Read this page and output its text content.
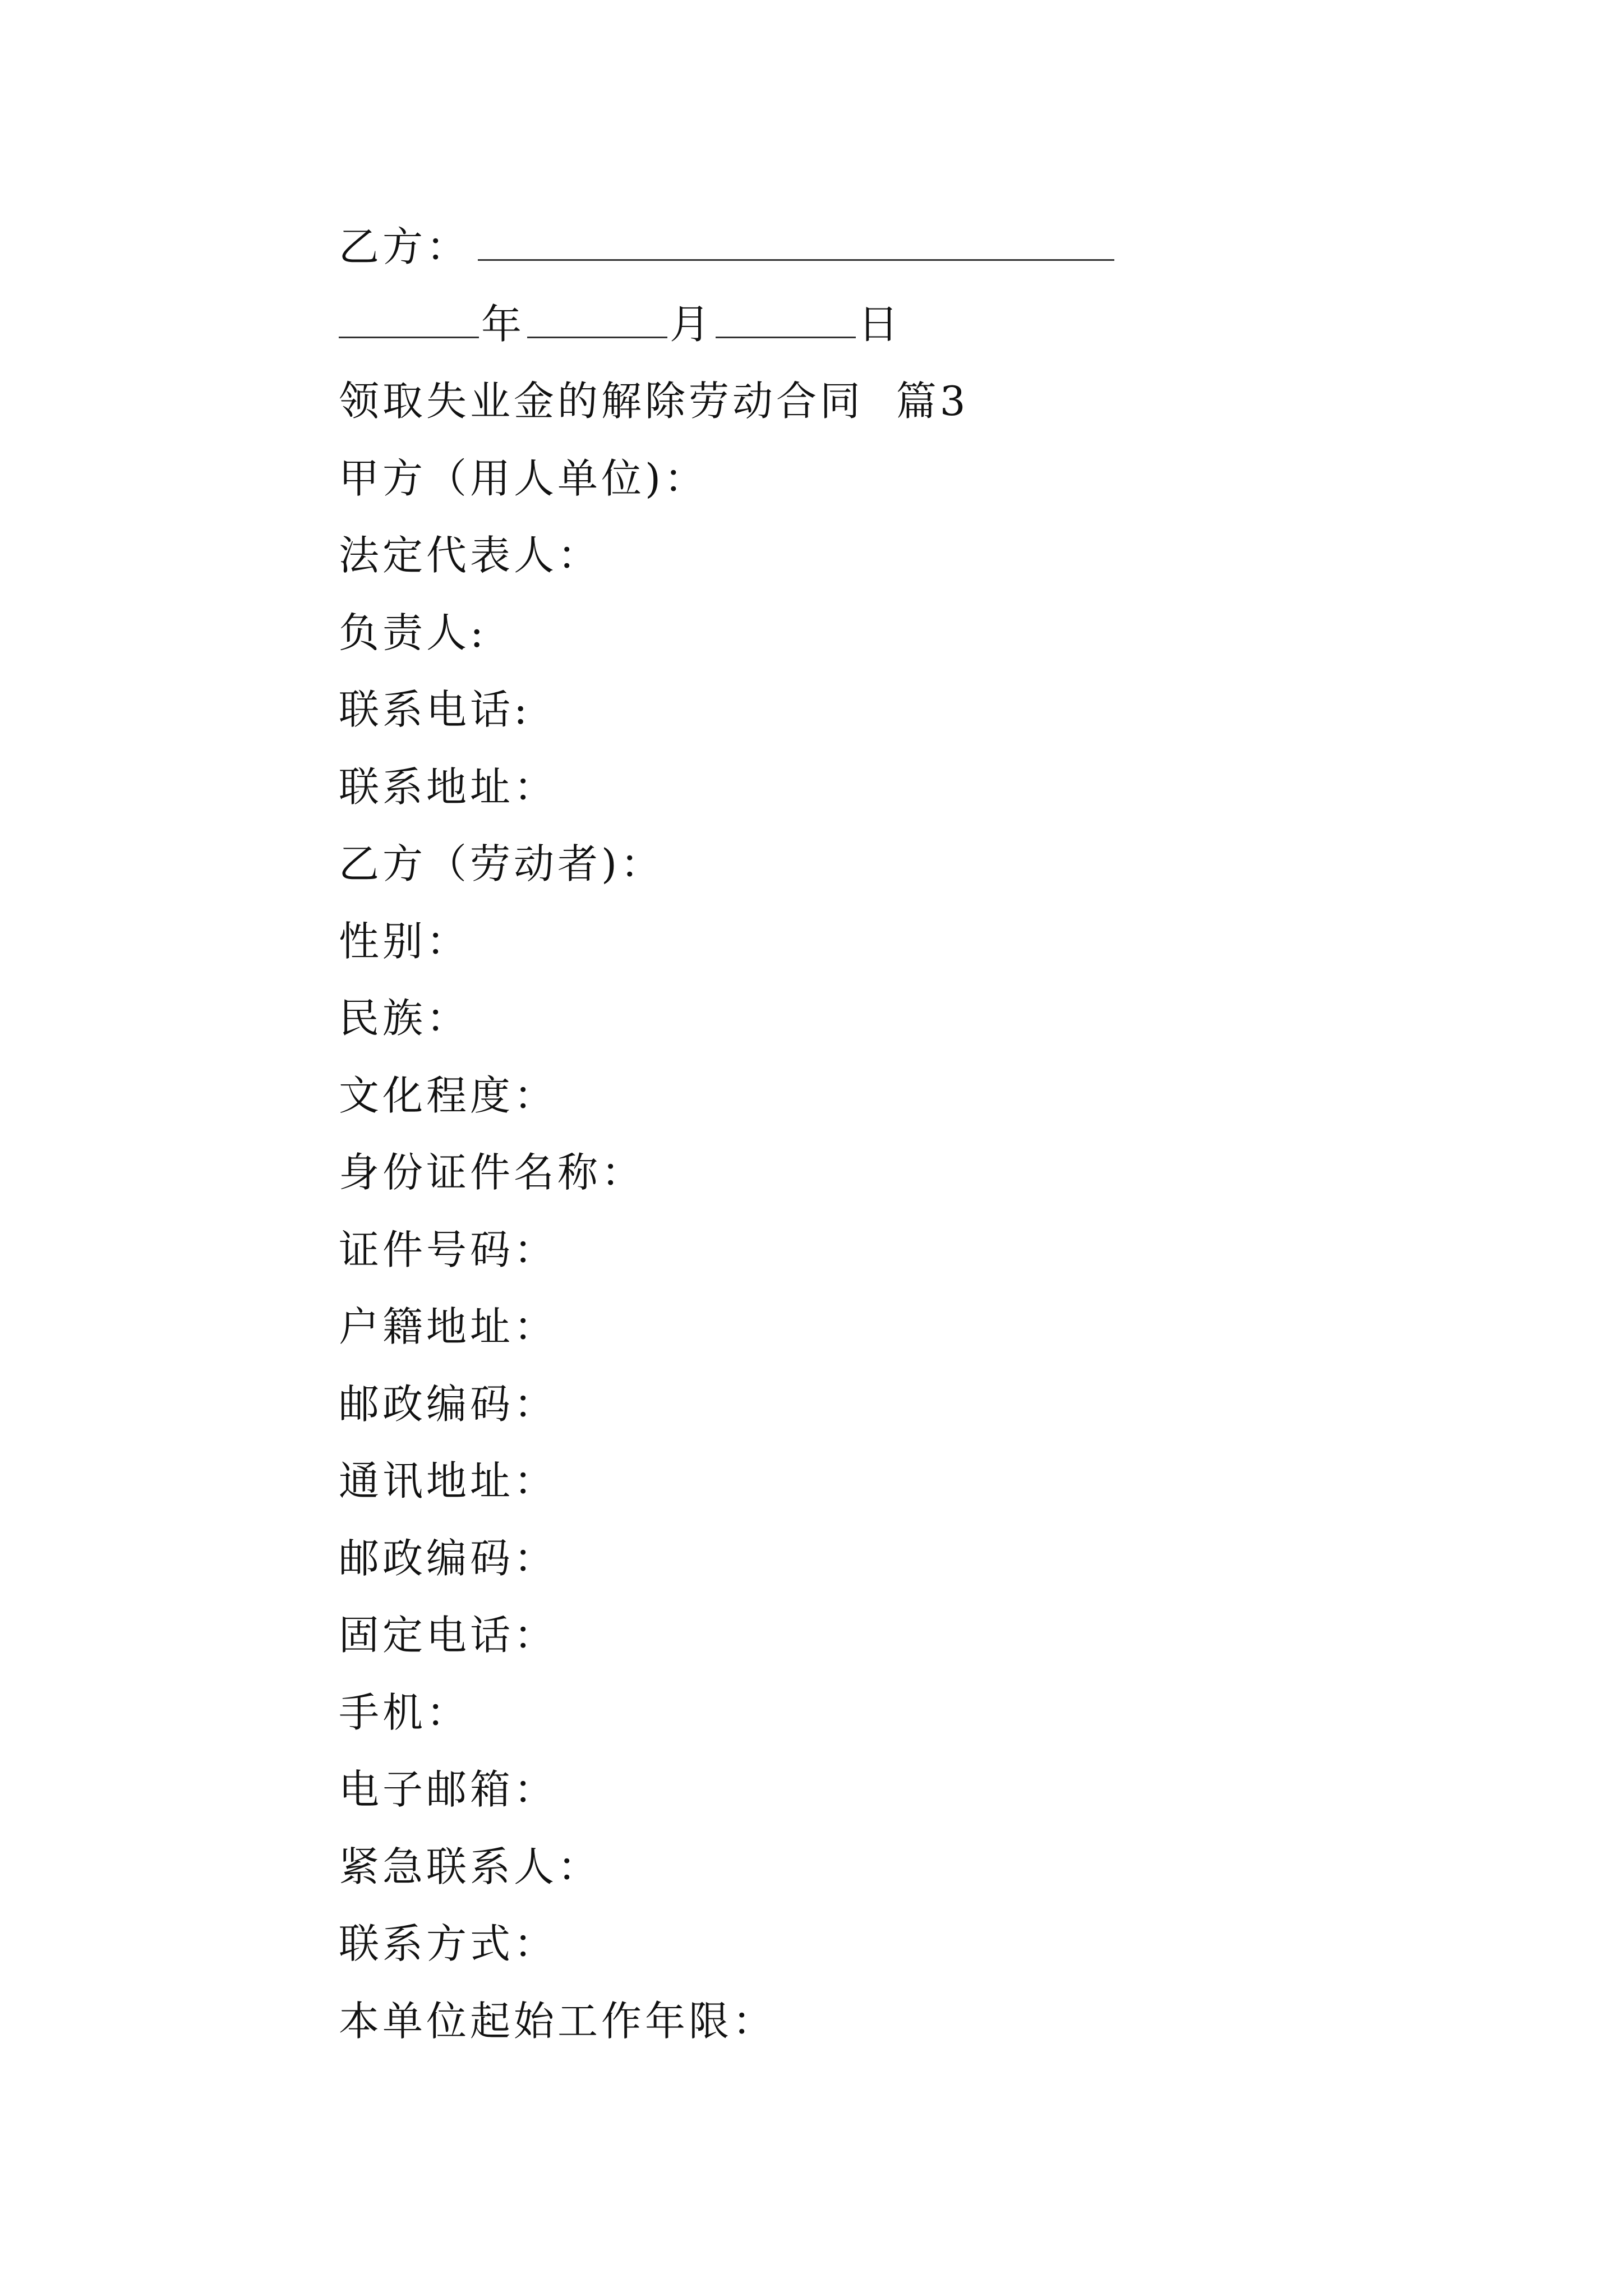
乙方：
年	月	日
领取失业金的解除劳动合同  篇3
甲方（用人单位)：
法定代表人：
负责人:
联系电话:
联系地址：
乙方（劳动者)：
性别：
民族：
文化程度：
身份证件名称：
证件号码：
户籍地址：
邮政编码：
通讯地址：
邮政编码：
固定电话：
手机：
电子邮箱：
紧急联系人：
联系方式：
本单位起始工作年限：
